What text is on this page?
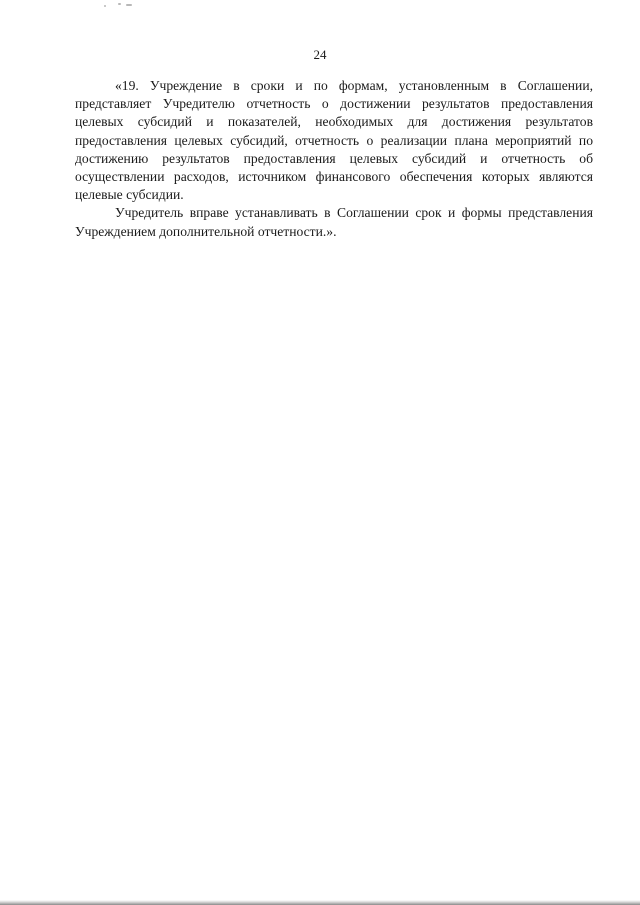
24

«19. Учреждение в сроки и по формам, установленным в Соглашении, представляет Учредителю отчетность о достижении результатов предоставления целевых субсидий и показателей, необходимых для достижения результатов предоставления целевых субсидий, отчетность о реализации плана мероприятий по достижению результатов предоставления целевых субсидий и отчетность об осуществлении расходов, источником финансового обеспечения которых являются целевые субсидии.

Учредитель вправе устанавливать в Соглашении срок и формы представления Учреждением дополнительной отчетности.».
